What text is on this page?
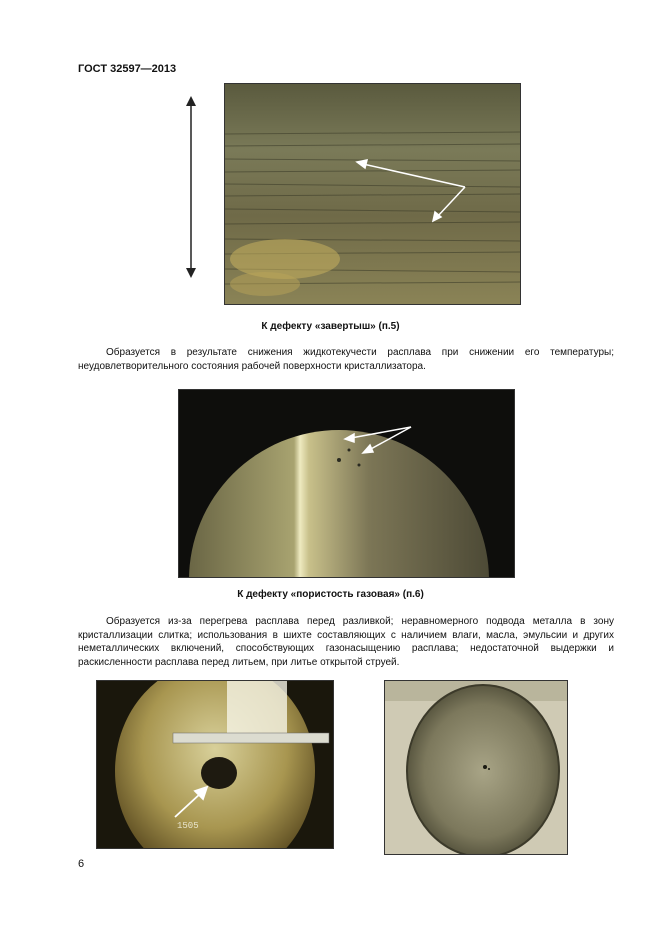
ГОСТ 32597—2013
К дефекту «завертыш» (п.5)
Образуется в результате снижения жидкотекучести расплава при снижении его температуры; неудовлетворительного состояния рабочей поверхности кристаллизатора.
К дефекту «пористость газовая» (п.6)
Образуется из-за перегрева расплава перед разливкой; неравномерного подвода металла в зону кристаллизации слитка; использования в шихте составляющих с наличием влаги, масла, эмульсии и других неметаллических включений, способствующих газонасыщению расплава; недостаточной выдержки и раскисленности расплава перед литьем, при литье открытой струей.
1505
6
